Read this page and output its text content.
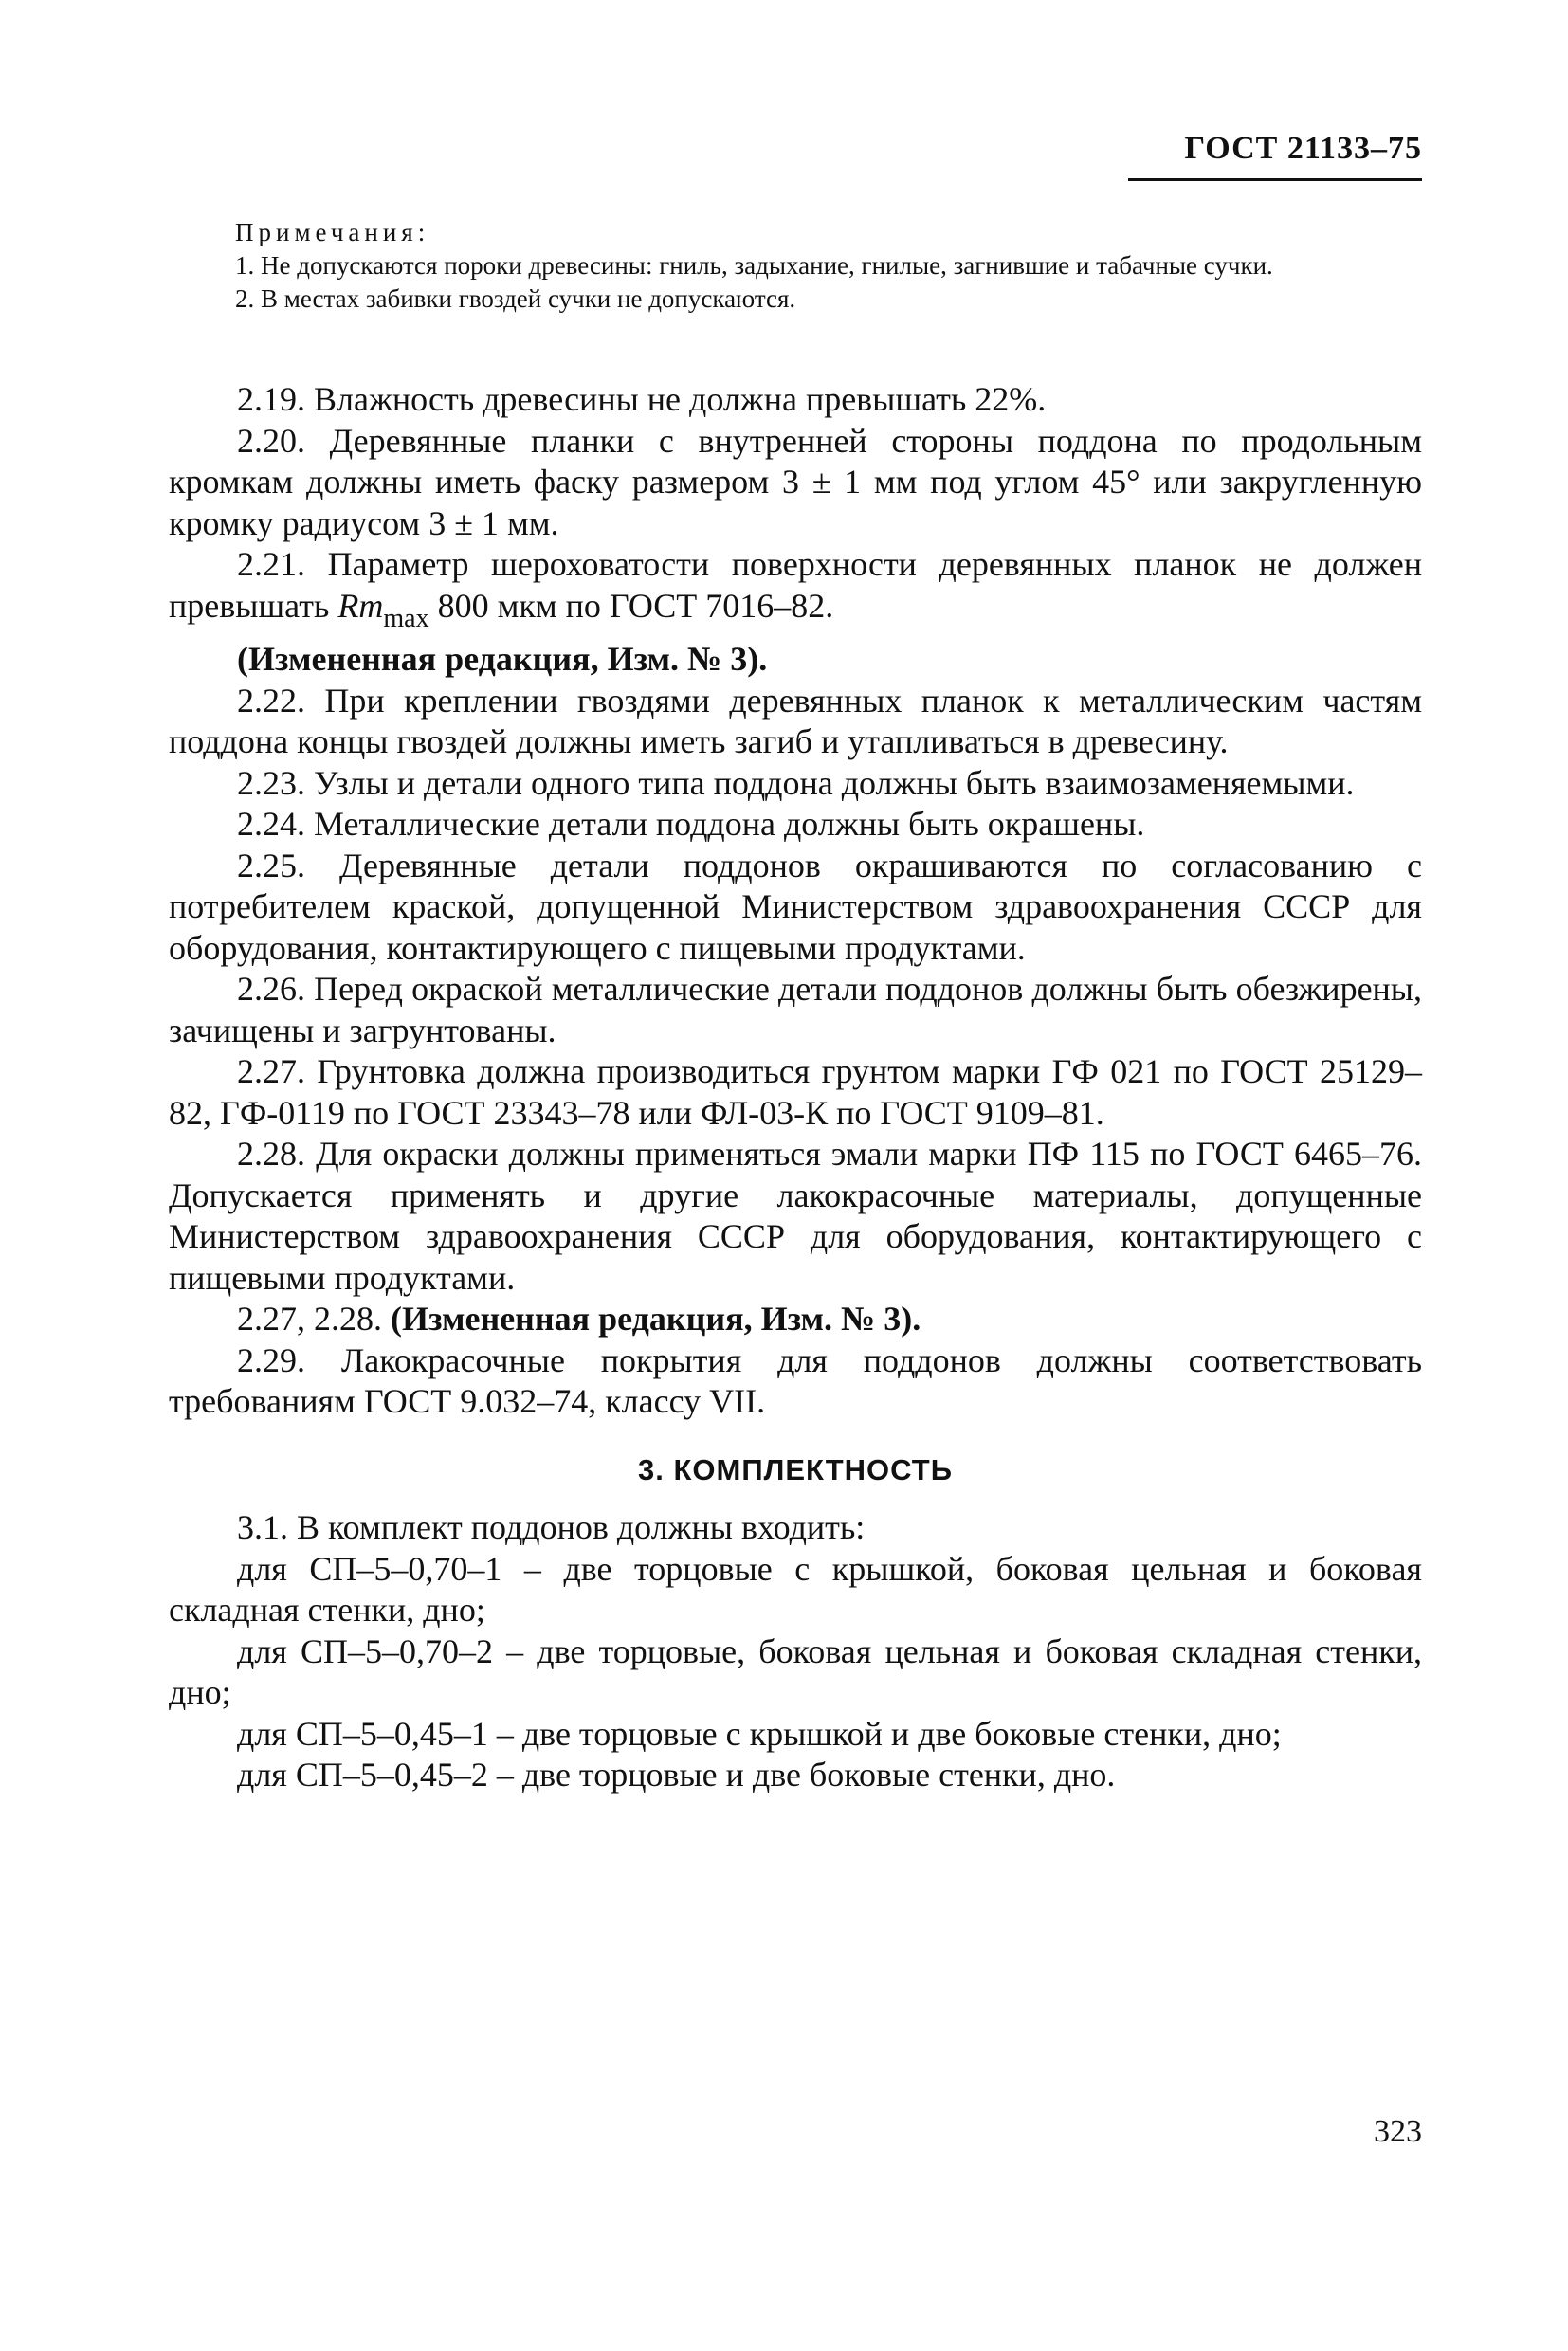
ГОСТ 21133–75
Примечания:

1. Не допускаются пороки древесины: гниль, задыхание, гнилые, загнившие и табачные сучки.

2. В местах забивки гвоздей сучки не допускаются.

2.19. Влажность древесины не должна превышать 22%.

2.20. Деревянные планки с внутренней стороны поддона по продольным кромкам должны иметь фаску размером 3 ± 1 мм под углом 45° или закругленную кромку радиусом 3 ± 1 мм.

2.21. Параметр шероховатости поверхности деревянных планок не должен превышать $Rm_{max}$ 800 мкм по ГОСТ 7016–82.

(Измененная редакция, Изм. № 3).

2.22. При креплении гвоздями деревянных планок к металлическим частям поддона концы гвоздей должны иметь загиб и утапливаться в древесину.

2.23. Узлы и детали одного типа поддона должны быть взаимозаменяемыми.

2.24. Металлические детали поддона должны быть окрашены.

2.25. Деревянные детали поддонов окрашиваются по согласованию с потребителем краской, допущенной Министерством здравоохранения СССР для оборудования, контактирующего с пищевыми продуктами.

2.26. Перед окраской металлические детали поддонов должны быть обезжирены, зачищены и загрунтованы.

2.27. Грунтовка должна производиться грунтом марки ГФ 021 по ГОСТ 25129–82, ГФ-0119 по ГОСТ 23343–78 или ФЛ-03-К по ГОСТ 9109–81.

2.28. Для окраски должны применяться эмали марки ПФ 115 по ГОСТ 6465–76. Допускается применять и другие лакокрасочные материалы, допущенные Министерством здравоохранения СССР для оборудования, контактирующего с пищевыми продуктами.

2.27, 2.28. (Измененная редакция, Изм. № 3).

2.29. Лакокрасочные покрытия для поддонов должны соответствовать требованиям ГОСТ 9.032–74, классу VII.

3. КОМПЛЕКТНОСТЬ

3.1. В комплект поддонов должны входить:

для СП–5–0,70–1 – две торцовые с крышкой, боковая цельная и боковая складная стенки, дно;

для СП–5–0,70–2 – две торцовые, боковая цельная и боковая складная стенки, дно;

для СП–5–0,45–1 – две торцовые с крышкой и две боковые стенки, дно;

для СП–5–0,45–2 – две торцовые и две боковые стенки, дно.

323
